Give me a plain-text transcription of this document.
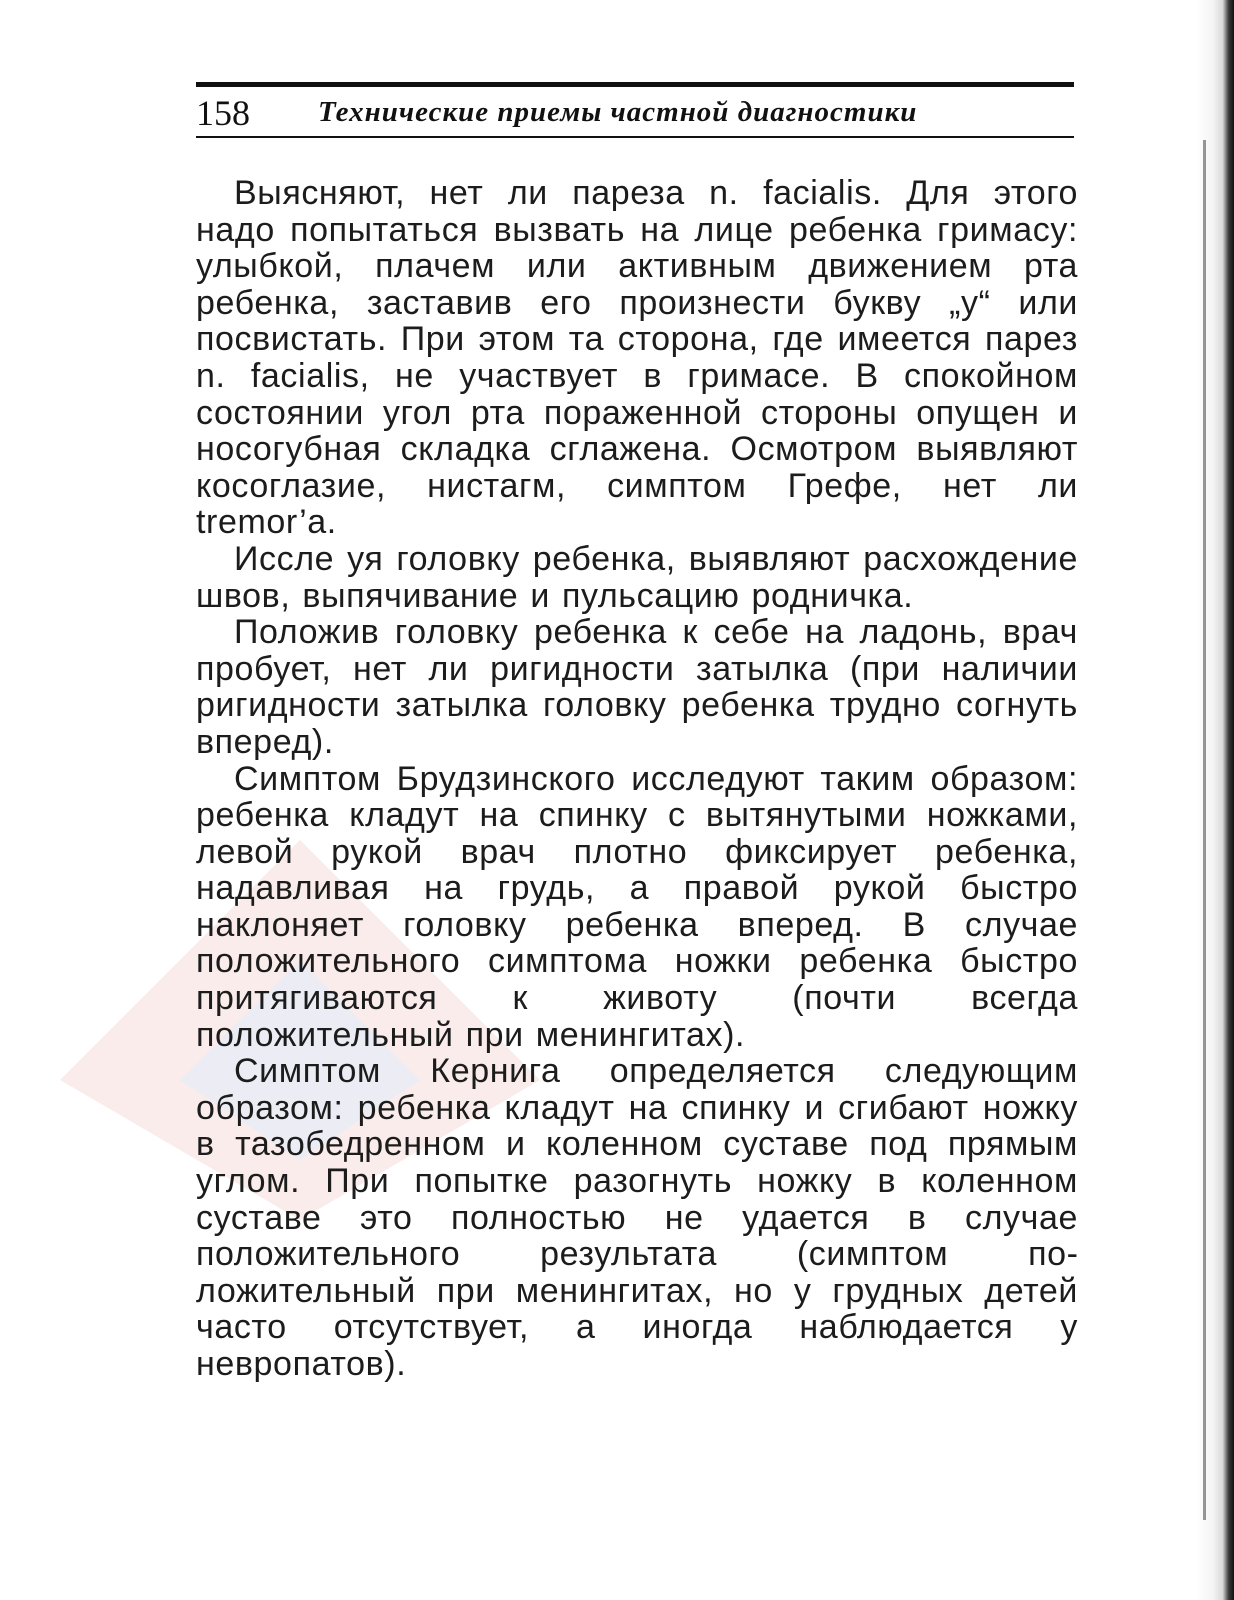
158 Технические приемы частной диагностики

Выясняют, нет ли пареза n. facialis. Для этого надо попытаться вызвать на лице ребенка гримасу: улыбкой, плачем или активным движением рта ребенка, заставив его произнести букву „у“ или посвистать. При этом та сторона, где имеется парез n. facialis, не участвует в гримасе. В спокойном состоянии угол рта пораженной стороны опущен и носогубная складка сглажена. Осмотром выявляют косоглазие, нистагм, симптом Грефе, нет ли tremor’a.

Иссле уя головку ребенка, выявляют расхождение швов, выпячивание и пульсацию родничка.

Положив головку ребенка к себе на ладонь, врач пробует, нет ли ригидности затылка (при наличии ригидности затылка головку ребенка трудно согнуть вперед).

Симптом Брудзинского исследуют таким образом: ребенка кладут на спинку с вытянутыми ножками, левой рукой врач плотно фиксирует ребенка, надавливая на грудь, а правой рукой быстро наклоняет головку ребенка вперед. В случае положительного симптома ножки ребенка быстро притягиваются к животу (почти всегда положительный при менингитах).

Симптом Кернига определяется следующим образом: ребенка кладут на спинку и сгибают ножку в тазобедренном и коленном суставе под прямым углом. При попытке разогнуть ножку в коленном суставе это полностью не удается в случае положительного результата (симптом положительный при менингитах, но у грудных детей часто отсутствует, а иногда наблюдается у невропатов).
